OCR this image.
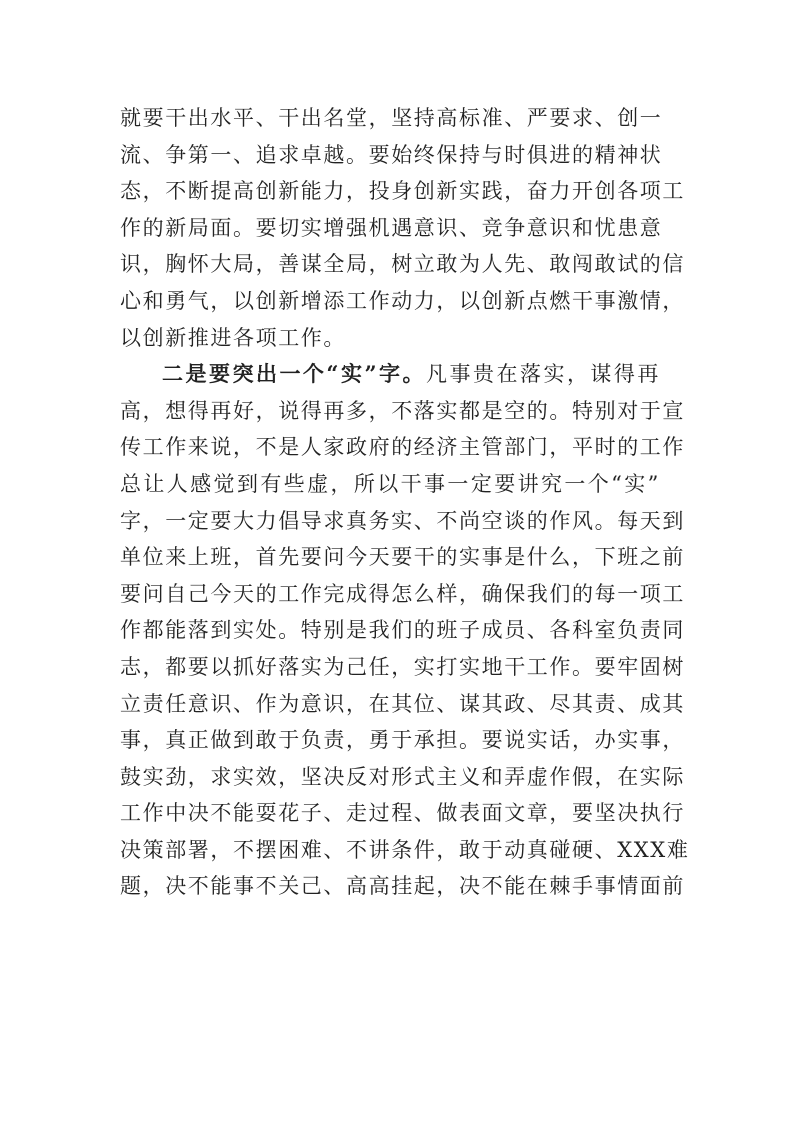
就要干出水平、干出名堂，坚持高标准、严要求、创一
流、争第一、追求卓越。要始终保持与时俱进的精神状
态，不断提高创新能力，投身创新实践，奋力开创各项工
作的新局面。要切实增强机遇意识、竞争意识和忧患意
识，胸怀大局，善谋全局，树立敢为人先、敢闯敢试的信
心和勇气，以创新增添工作动力，以创新点燃干事激情，
以创新推进各项工作。
二是要突出一个“实”字。凡事贵在落实，谋得再
高，想得再好，说得再多，不落实都是空的。特别对于宣
传工作来说，不是人家政府的经济主管部门，平时的工作
总让人感觉到有些虚，所以干事一定要讲究一个“实”
字，一定要大力倡导求真务实、不尚空谈的作风。每天到
单位来上班，首先要问今天要干的实事是什么，下班之前
要问自己今天的工作完成得怎么样，确保我们的每一项工
作都能落到实处。特别是我们的班子成员、各科室负责同
志，都要以抓好落实为己任，实打实地干工作。要牢固树
立责任意识、作为意识，在其位、谋其政、尽其责、成其
事，真正做到敢于负责，勇于承担。要说实话，办实事，
鼓实劲，求实效，坚决反对形式主义和弄虚作假，在实际
工作中决不能耍花子、走过程、做表面文章，要坚决执行
决策部署，不摆困难、不讲条件，敢于动真碰硬、XXX难
题，决不能事不关己、高高挂起，决不能在棘手事情面前
